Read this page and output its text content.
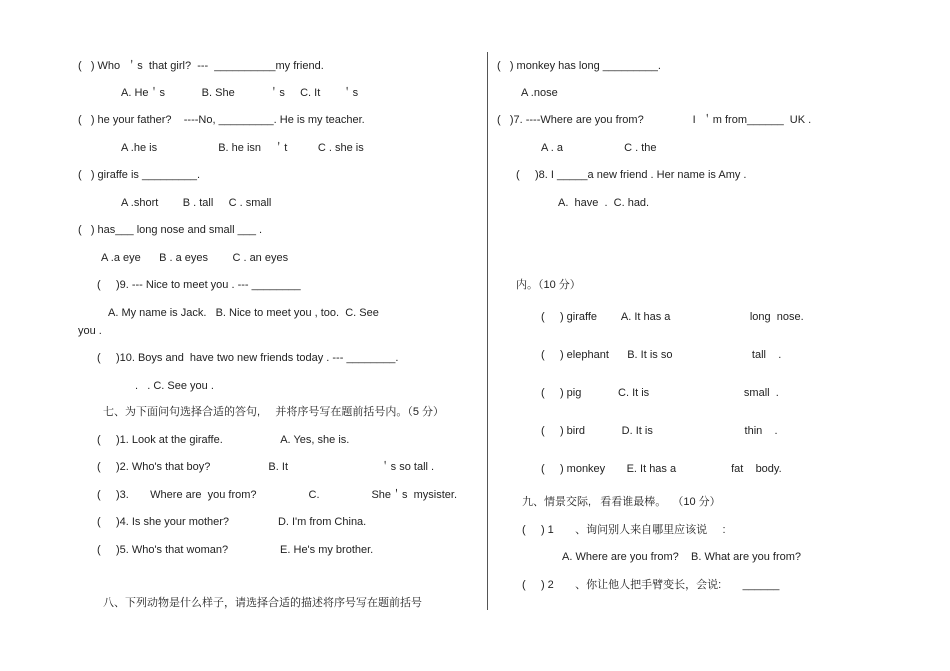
(   ) Who  ＇s  that girl?  ---  __________my friend.
A. He＇s            B. She           ＇s     C. It       ＇s
(   ) he your father?    ----No, _________. He is my teacher.
A .he is                    B. he isn    ＇t          C . she is
(   ) giraffe is _________.
A .short        B . tall     C . small
(   ) has___ long nose and small ___ .
A .a eye      B . a eyes        C . an eyes
(     )9. --- Nice to meet you . --- ________
A. My name is Jack.   B. Nice to meet you , too.  C. See
you .
(     )10. Boys and  have two new friends today . --- ________.
.   . C. See you .
七、为下面问句选择合适的答句,     并将序号写在题前括号内。（5 分）
(     )1. Look at the giraffe.                   A. Yes, she is.
(     )2. Who's that boy?                   B. It                              ＇s so tall .
(     )3.       Where are  you from?                 C.                 She＇s  mysister.
(     )4. Is she your mother?                D. I'm from China.
(     )5. Who's that woman?                 E. He's my brother.
八、下列动物是什么样子，请选择合适的描述将序号写在题前括号
(   ) monkey has long _________.
A .nose
(   )7. ----Where are you from?                I  ＇m from______  UK .
A . a                    C . the
(     )8. I _____a new friend . Her name is Amy .
A.  have  .  C. had.
内。（10 分）
(     ) giraffe        A. It has a                          long  nose.
(     ) elephant      B. It is so                          tall    .
(     ) pig            C. It is                               small  .
(     ) bird            D. It is                              thin    .
(     ) monkey       E. It has a                  fat    body.
九、情景交际,   看看谁最棒。  （10 分）
(     ) 1       、询问别人来自哪里应该说     :
A. Where are you from?    B. What are you from?
(     ) 2       、你让他人把手臂变长，会说:       ______
